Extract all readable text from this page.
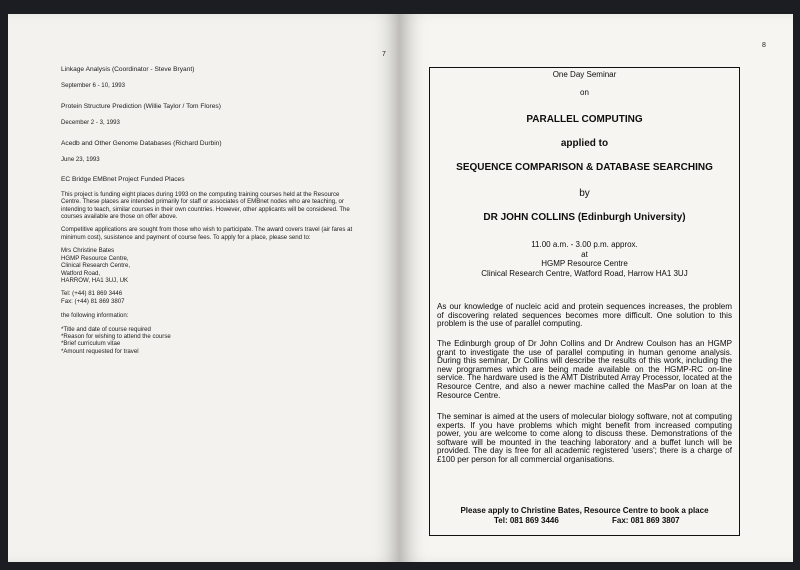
7
Linkage Analysis (Coordinator - Steve Bryant)
September 6 - 10, 1993
Protein Structure Prediction (Willie Taylor / Tom Flores)
December 2 - 3, 1993
Acedb and Other Genome Databases (Richard Durbin)
June 23, 1993
EC Bridge EMBnet Project Funded Places

This project is funding eight places during 1993 on the computing training courses held at the Resource Centre. These places are intended primarily for staff or associates of EMBnet nodes who are teaching, or intending to teach, similar courses in their own countries. However, other applicants will be considered. The courses available are those on offer above.

Competitive applications are sought from those who wish to participate. The award covers travel (air fares at minimum cost), susistence and payment of course fees. To apply for a place, please send to:

Mrs Christine Bates
HGMP Resource Centre,
Clinical Research Centre,
Watford Road,
HARROW, HA1 3UJ, UK
Tel: (+44) 81 869 3446
Fax: (+44) 81 869 3807
the following information:
*Title and date of course required
*Reason for wishing to attend the course
*Brief curriculum vitae
*Amount requested for travel
8
One Day Seminar
on
PARALLEL COMPUTING
applied to
SEQUENCE COMPARISON & DATABASE SEARCHING
by
DR JOHN COLLINS (Edinburgh University)
11.00 a.m. - 3.00 p.m. approx.
at
HGMP Resource Centre
Clinical Research Centre, Watford Road, Harrow HA1 3UJ
As our knowledge of nucleic acid and protein sequences increases, the problem of discovering related sequences becomes more difficult. One solution to this problem is the use of parallel computing.
The Edinburgh group of Dr John Collins and Dr Andrew Coulson has an HGMP grant to investigate the use of parallel computing in human genome analysis. During this seminar, Dr Collins will describe the results of this work, including the new programmes which are being made available on the HGMP-RC on-line service. The hardware used is the AMT Distributed Array Processor, located at the Resource Centre, and also a newer machine called the MasPar on loan at the Resource Centre.
The seminar is aimed at the users of molecular biology software, not at computing experts. If you have problems which might benefit from increased computing power, you are welcome to come along to discuss these. Demonstrations of the software will be mounted in the teaching laboratory and a buffet lunch will be provided. The day is free for all academic registered 'users'; there is a charge of £100 per person for all commercial organisations.
Please apply to Christine Bates, Resource Centre to book a place
Tel: 081 869 3446	Fax: 081 869 3807
